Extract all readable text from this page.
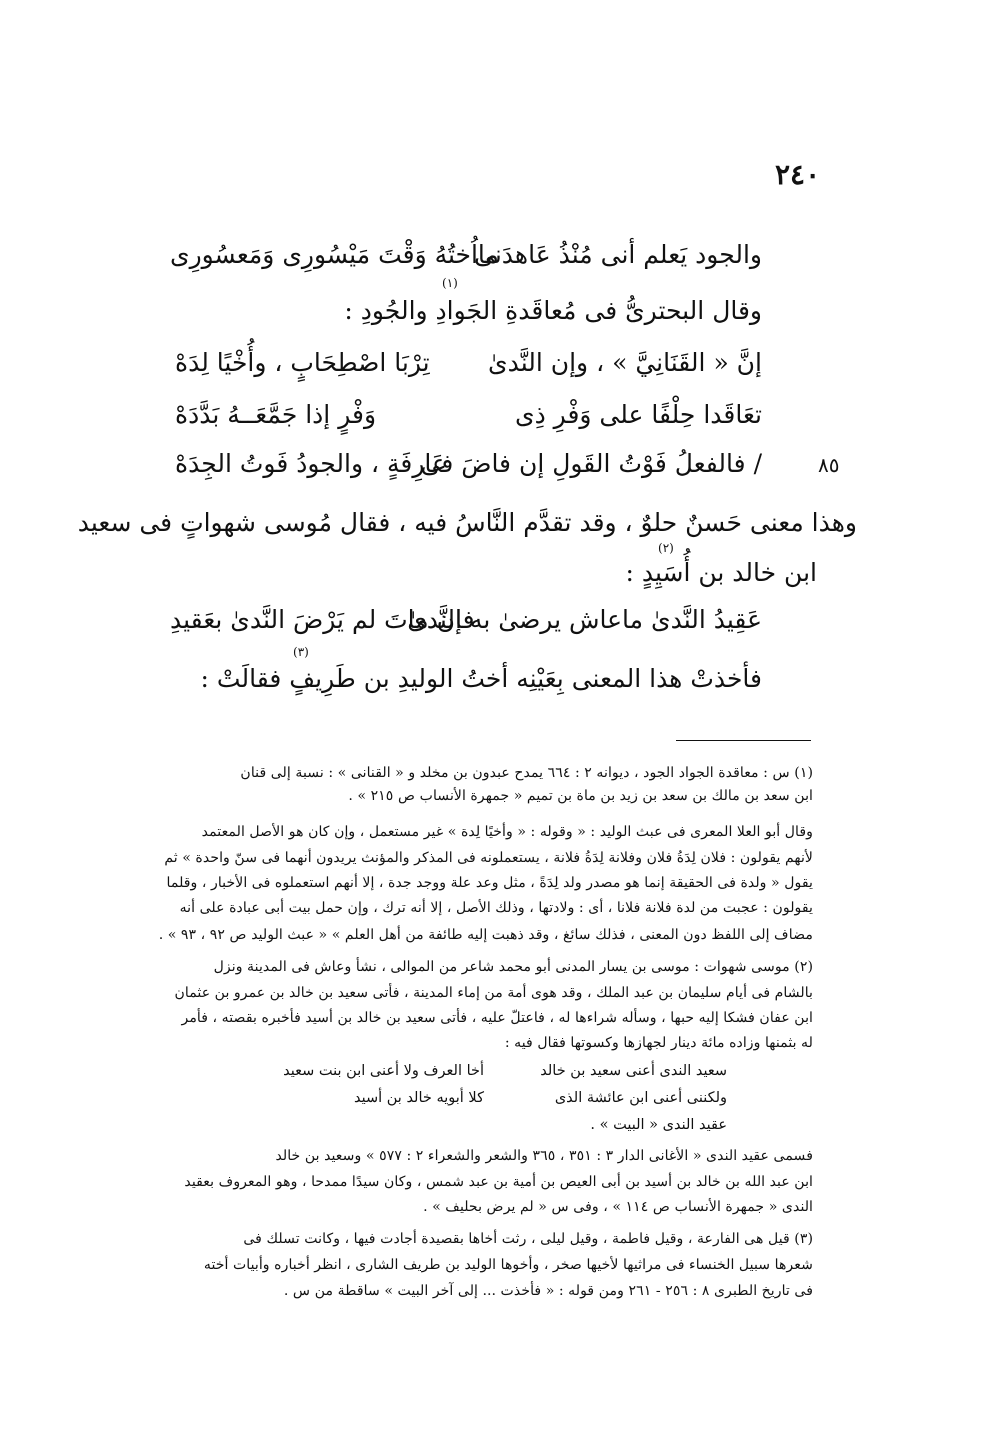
٢٤٠
٨٥
والجود يَعلم أنى مُنْذُ عَاهدَنى
مااُختُهُ وَقْتَ مَيْسُورِى وَمَعسُورِى
(١)
وقال البحترىُّ فى مُعاقَدةِ الجَوادِ والجُودِ :
إنَّ « القَنَانِيَّ » ، وإن النَّدىٰ
تِرْبَا اصْطِحَابٍ ، وأُخْيًا لِدَهْ
تعَاقَدا حِلْفًا على وَفْرِ ذِى
وَفْرٍ إذا جَمَّعَــهُ بَدَّدَهْ
/ فالفعلُ فَوْتُ القَولِ إن فاضَ فى
عَارِفَةٍ ، والجودُ فَوتُ الجِدَهْ
وهذا معنى حَسنٌ حلوٌ ، وقد تقدَّم النَّاسُ فيه ، فقال مُوسى شهواتٍ فى سعيد
(٢)
ابن خالد بن أُسَيِدٍ :
عَقِيدُ النَّدىٰ ماعاش يرضىٰ به النَّدىٰ
فإن ماتَ لم يَرْضَ النَّدىٰ بعَقيدِ
(٣)
فأخذتْ هذا المعنى بِعَيْنِه أختُ الوليدِ بن طَرِيفٍ فقالَتْ :
(١) س : معاقدة الجواد الجود ، ديوانه ٢ : ٦٦٤ يمدح عبدون بن مخلد و « القنانى » : نسبة إلى قنان
ابن سعد بن مالك بن سعد بن زيد بن ماة بن تميم « جمهرة الأنساب ص ٢١٥ » .
وقال أبو العلا المعرى فى عبث الوليد : « وقوله : « وأخيًا لِدة » غير مستعمل ، وإن كان هو الأصل المعتمد
لأنهم يقولون : فلان لِدَةُ فلان وفلانة لِدَةُ فلانة ، يستعملونه فى المذكر والمؤنث يريدون أنهما فى سنّ واحدة » ثم
يقول « ولدة فى الحقيقة إنما هو مصدر ولد لِدَةً ، مثل وعد علة ووجد جدة ، إلا أنهم استعملوه فى الأخبار ، وقلما
يقولون : عجبت من لدة فلانة فلانا ، أى : ولادتها ، وذلك الأصل ، إلا أنه ترك ، وإن حمل بيت أبى عبادة على أنه
مضاف إلى اللفظ دون المعنى ، فذلك سائغ ، وقد ذهبت إليه طائفة من أهل العلم » « عبث الوليد ص ٩٢ ، ٩٣ » .
(٢) موسى شهوات : موسى بن يسار المدنى أبو محمد شاعر من الموالى ، نشأ وعاش فى المدينة ونزل
بالشام فى أيام سليمان بن عبد الملك ، وقد هوى أمة من إماء المدينة ، فأتى سعيد بن خالد بن عمرو بن عثمان
ابن عفان فشكا إليه حبها ، وسأله شراءها له ، فاعتلّ عليه ، فأتى سعيد بن خالد بن أسيد فأخبره بقصته ، فأمر
له بثمنها وزاده مائة دينار لجهازها وكسوتها فقال فيه :
سعيد الندى أعنى سعيد بن خالد
أخا العرف ولا أعنى ابن بنت سعيد
ولكننى أعنى ابن عائشة الذى
كلا أبويه خالد بن أسيد
عقيد الندى « البيت » .
فسمى عقيد الندى « الأغانى الدار ٣ : ٣٥١ ، ٣٦٥ والشعر والشعراء ٢ : ٥٧٧ » وسعيد بن خالد
ابن عبد الله بن خالد بن أسيد بن أبى العيص بن أمية بن عبد شمس ، وكان سيدًا ممدحا ، وهو المعروف بعقيد
الندى « جمهرة الأنساب ص ١١٤ » ، وفى س « لم يرض بحليف » .
(٣) قيل هى الفارعة ، وقيل فاطمة ، وقيل ليلى ، رثت أخاها بقصيدة أجادت فيها ، وكانت تسلك فى
شعرها سبيل الخنساء فى مراثيها لأخيها صخر ، وأخوها الوليد بن طريف الشارى ، انظر أخباره وأبيات أخته
فى تاريخ الطبرى ٨ : ٢٥٦ - ٢٦١ ومن قوله : « فأخذت ... إلى آخر البيت » ساقطة من س .
